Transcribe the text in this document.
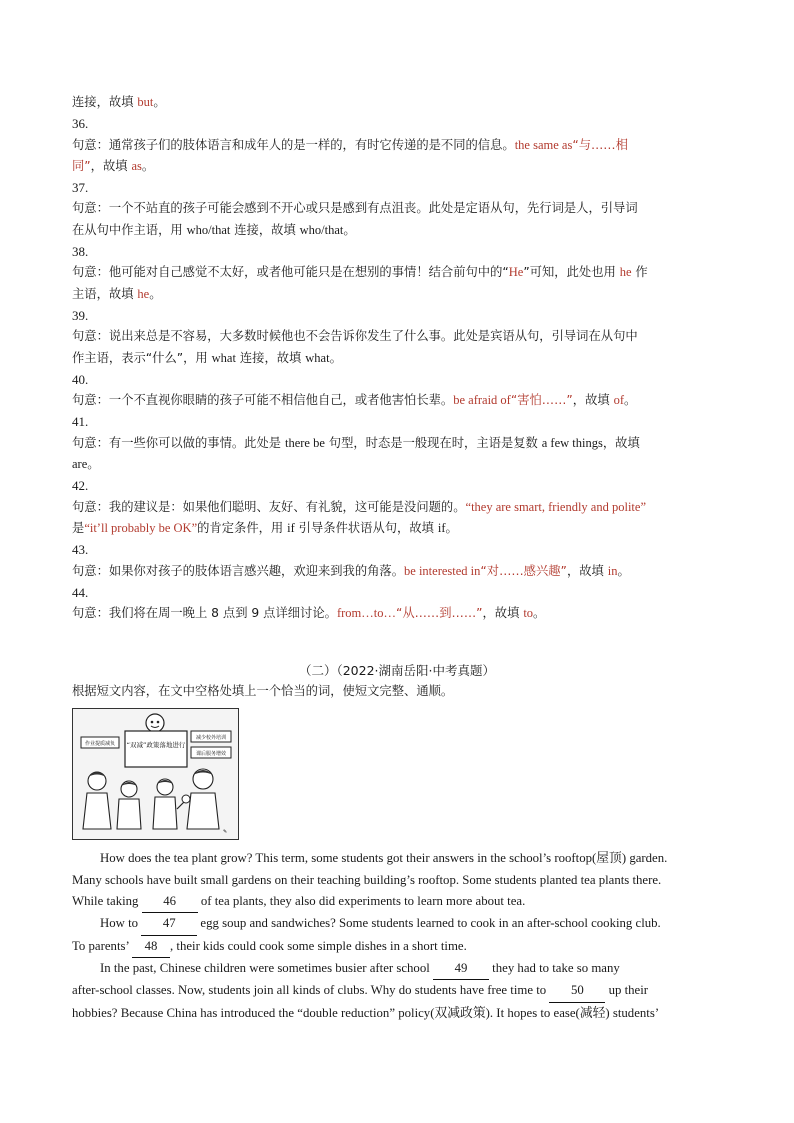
连接，故填 but。
36.
句意：通常孩子们的肢体语言和成年人的是一样的，有时它传递的是不同的信息。the same as“与……相
同”，故填 as。
37.
句意：一个不站直的孩子可能会感到不开心或只是感到有点沮丧。此处是定语从句，先行词是人，引导词
在从句中作主语，用 who/that 连接，故填 who/that。
38.
句意：他可能对自己感觉不太好，或者他可能只是在想别的事情！结合前句中的“He”可知，此处也用 he 作
主语，故填 he。
39.
句意：说出来总是不容易，大多数时候他也不会告诉你发生了什么事。此处是宾语从句，引导词在从句中
作主语，表示“什么”，用 what 连接，故填 what。
40.
句意：一个不直视你眼睛的孩子可能不相信他自己，或者他害怕长辈。be afraid of“害怕……”，故填 of。
41.
句意：有一些你可以做的事情。此处是 there be 句型，时态是一般现在时，主语是复数 a few things，故填
are。
42.
句意：我的建议是：如果他们聪明、友好、有礼貌，这可能是没问题的。“they are smart, friendly and polite”
是“it’ll probably be OK”的肯定条件，用 if 引导条件状语从句，故填 if。
43.
句意：如果你对孩子的肢体语言感兴趣，欢迎来到我的角落。be interested in“对……感兴趣”，故填 in。
44.
句意：我们将在周一晚上 8 点到 9 点详细讨论。from…to…“从……到……”，故填 to。
（二）（2022·湖南岳阳·中考真题）
根据短文内容，在文中空格处填上一个恰当的词，使短文完整、通顺。
“双减”政策落地进行
作业提质减负
减少校外培训
课后服务增效
✎
How does the tea plant grow? This term, some students got their answers in the school’s rooftop(屋顶) garden.
Many schools have built small gardens on their teaching building’s rooftop. Some students planted tea plants there.
While taking 46 of tea plants, they also did experiments to learn more about tea.
How to 47 egg soup and sandwiches? Some students learned to cook in an after-school cooking club.
To parents’ 48 , their kids could cook some simple dishes in a short time.
In the past, Chinese children were sometimes busier after school 49 they had to take so many
after-school classes. Now, students join all kinds of clubs. Why do students have free time to 50 up their
hobbies? Because China has introduced the “double reduction” policy(双减政策). It hopes to ease(减轻) students’
